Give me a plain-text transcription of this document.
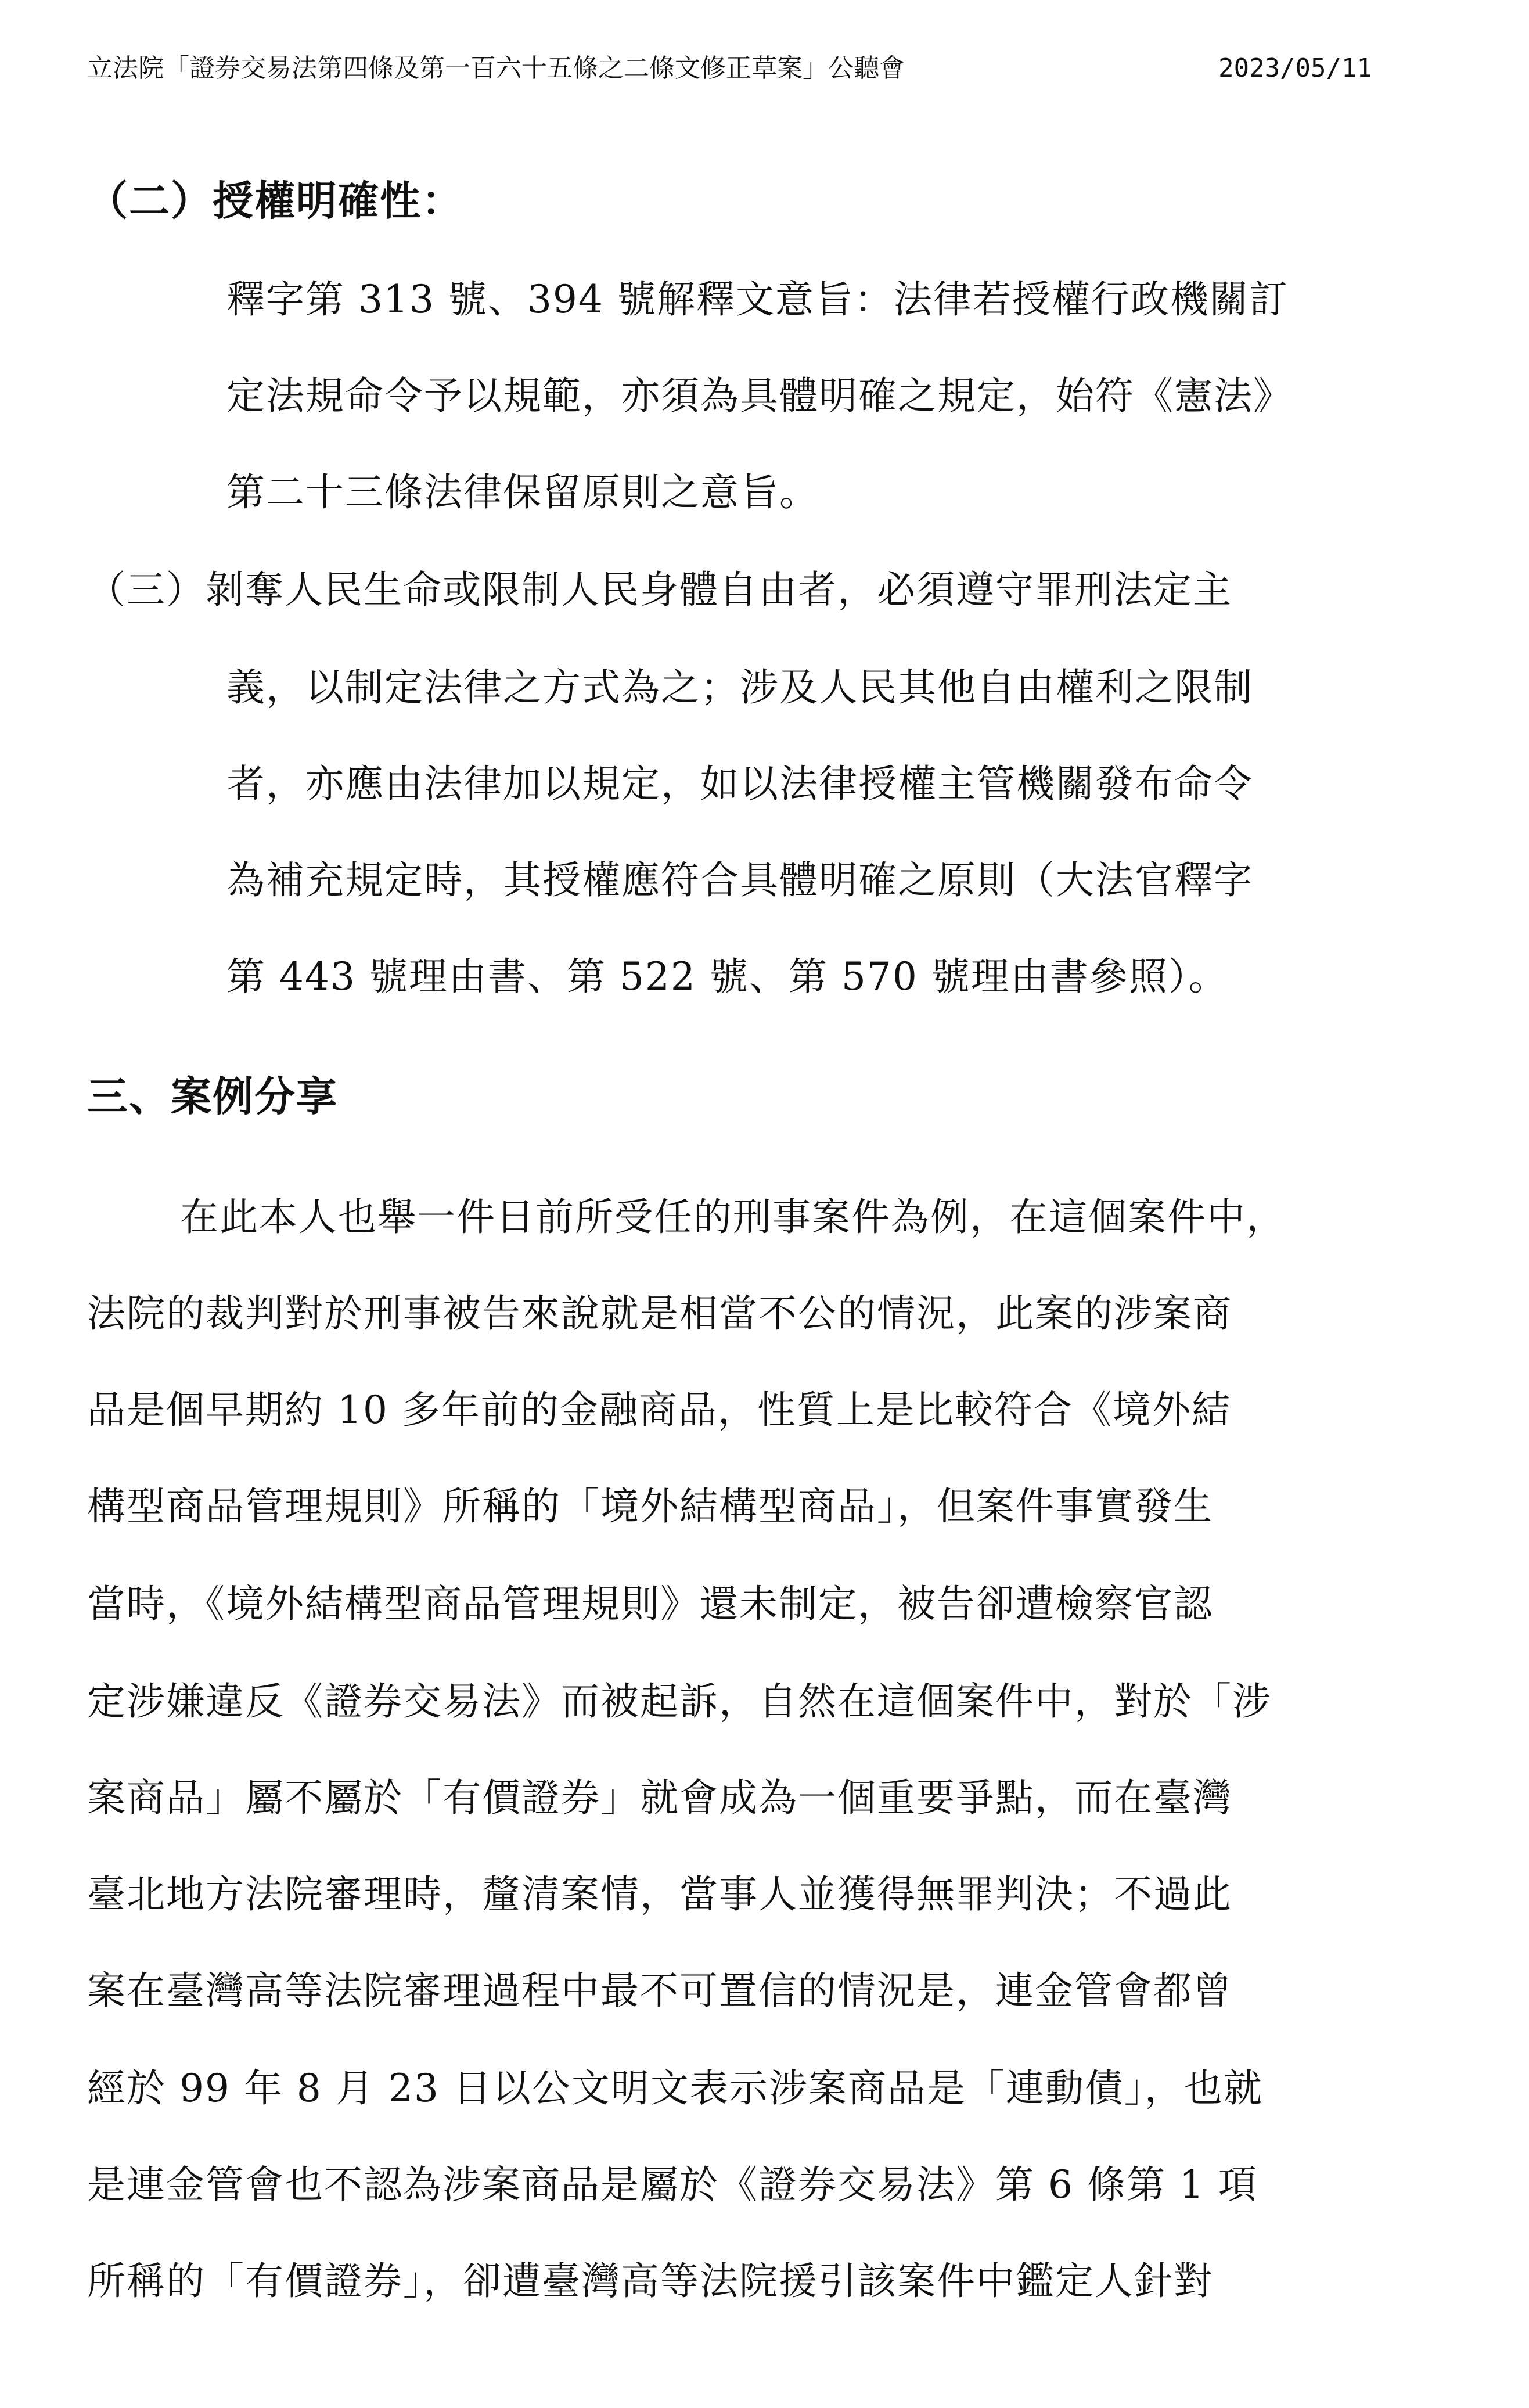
立法院「證券交易法第四條及第一百六十五條之二條文修正草案」公聽會	2023/05/11
（二）授權明確性：
釋字第 313 號、394 號解釋文意旨：法律若授權行政機關訂
定法規命令予以規範，亦須為具體明確之規定，始符《憲法》
第二十三條法律保留原則之意旨。
（三）剝奪人民生命或限制人民身體自由者，必須遵守罪刑法定主
義，以制定法律之方式為之；涉及人民其他自由權利之限制
者，亦應由法律加以規定，如以法律授權主管機關發布命令
為補充規定時，其授權應符合具體明確之原則（大法官釋字
第 443 號理由書、第 522 號、第 570 號理由書參照）。
三、案例分享
在此本人也舉一件日前所受任的刑事案件為例，在這個案件中，
法院的裁判對於刑事被告來說就是相當不公的情況，此案的涉案商
品是個早期約 10 多年前的金融商品，性質上是比較符合《境外結
構型商品管理規則》所稱的「境外結構型商品」，但案件事實發生
當時，《境外結構型商品管理規則》還未制定，被告卻遭檢察官認
定涉嫌違反《證券交易法》而被起訴，自然在這個案件中，對於「涉
案商品」屬不屬於「有價證券」就會成為一個重要爭點，而在臺灣
臺北地方法院審理時，釐清案情，當事人並獲得無罪判決；不過此
案在臺灣高等法院審理過程中最不可置信的情況是，連金管會都曾
經於 99 年 8 月 23 日以公文明文表示涉案商品是「連動債」，也就
是連金管會也不認為涉案商品是屬於《證券交易法》第 6 條第 1 項
所稱的「有價證券」，卻遭臺灣高等法院援引該案件中鑑定人針對
